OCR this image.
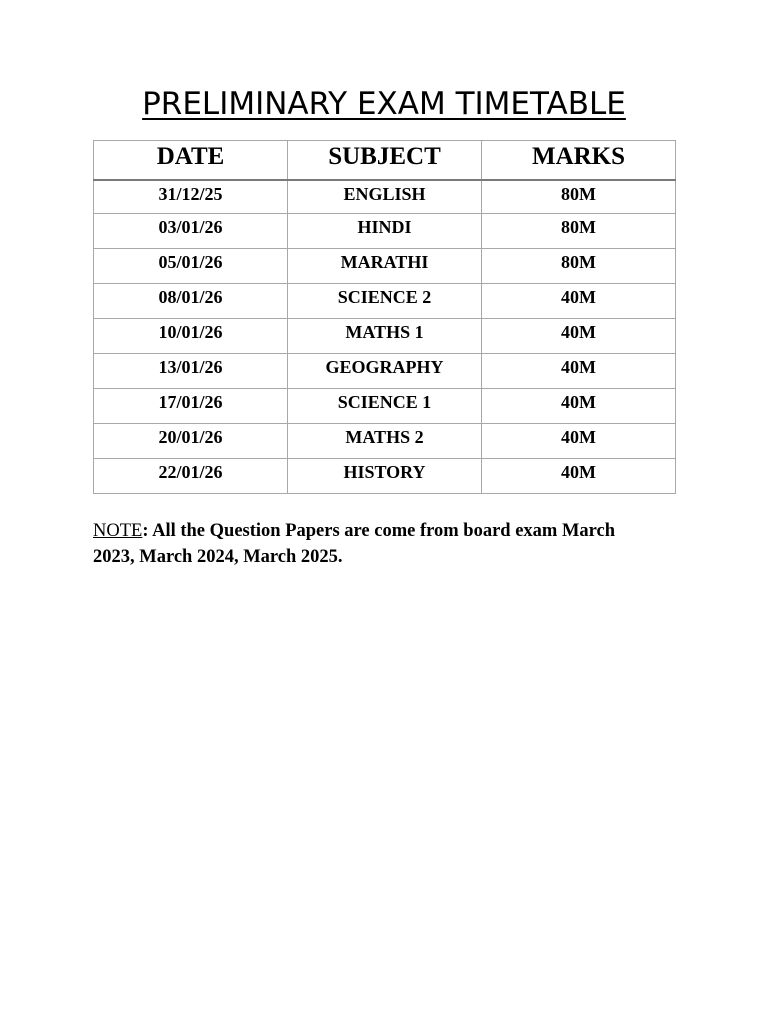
PRELIMINARY EXAM TIMETABLE
DATE	SUBJECT	MARKS
31/12/25	ENGLISH	80M
03/01/26	HINDI	80M
05/01/26	MARATHI	80M
08/01/26	SCIENCE 2	40M
10/01/26	MATHS 1	40M
13/01/26	GEOGRAPHY	40M
17/01/26	SCIENCE 1	40M
20/01/26	MATHS 2	40M
22/01/26	HISTORY	40M

NOTE: All the Question Papers are come from board exam March 2023, March 2024, March 2025.
